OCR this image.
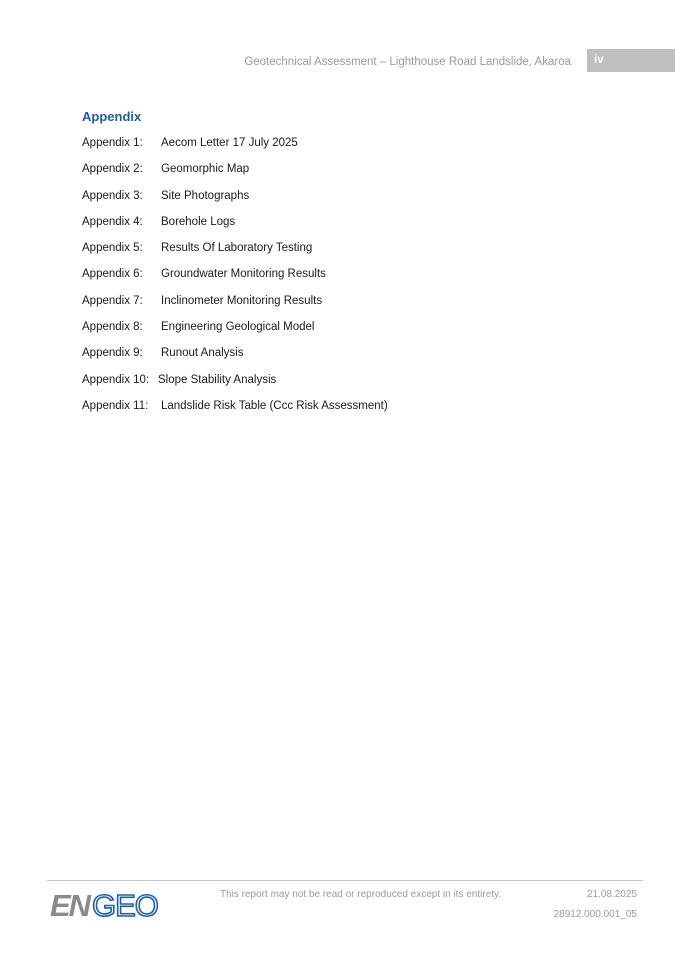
Geotechnical Assessment – Lighthouse Road Landslide, Akaroa	iv
Appendix
Appendix 1: Aecom Letter 17 July 2025
Appendix 2: Geomorphic Map
Appendix 3: Site Photographs
Appendix 4: Borehole Logs
Appendix 5: Results Of Laboratory Testing
Appendix 6: Groundwater Monitoring Results
Appendix 7: Inclinometer Monitoring Results
Appendix 8: Engineering Geological Model
Appendix 9: Runout Analysis
Appendix 10: Slope Stability Analysis
Appendix 11: Landslide Risk Table (Ccc Risk Assessment)
EN GEO	This report may not be read or reproduced except in its entirety.	21.08.2025
28912.000.001_05
